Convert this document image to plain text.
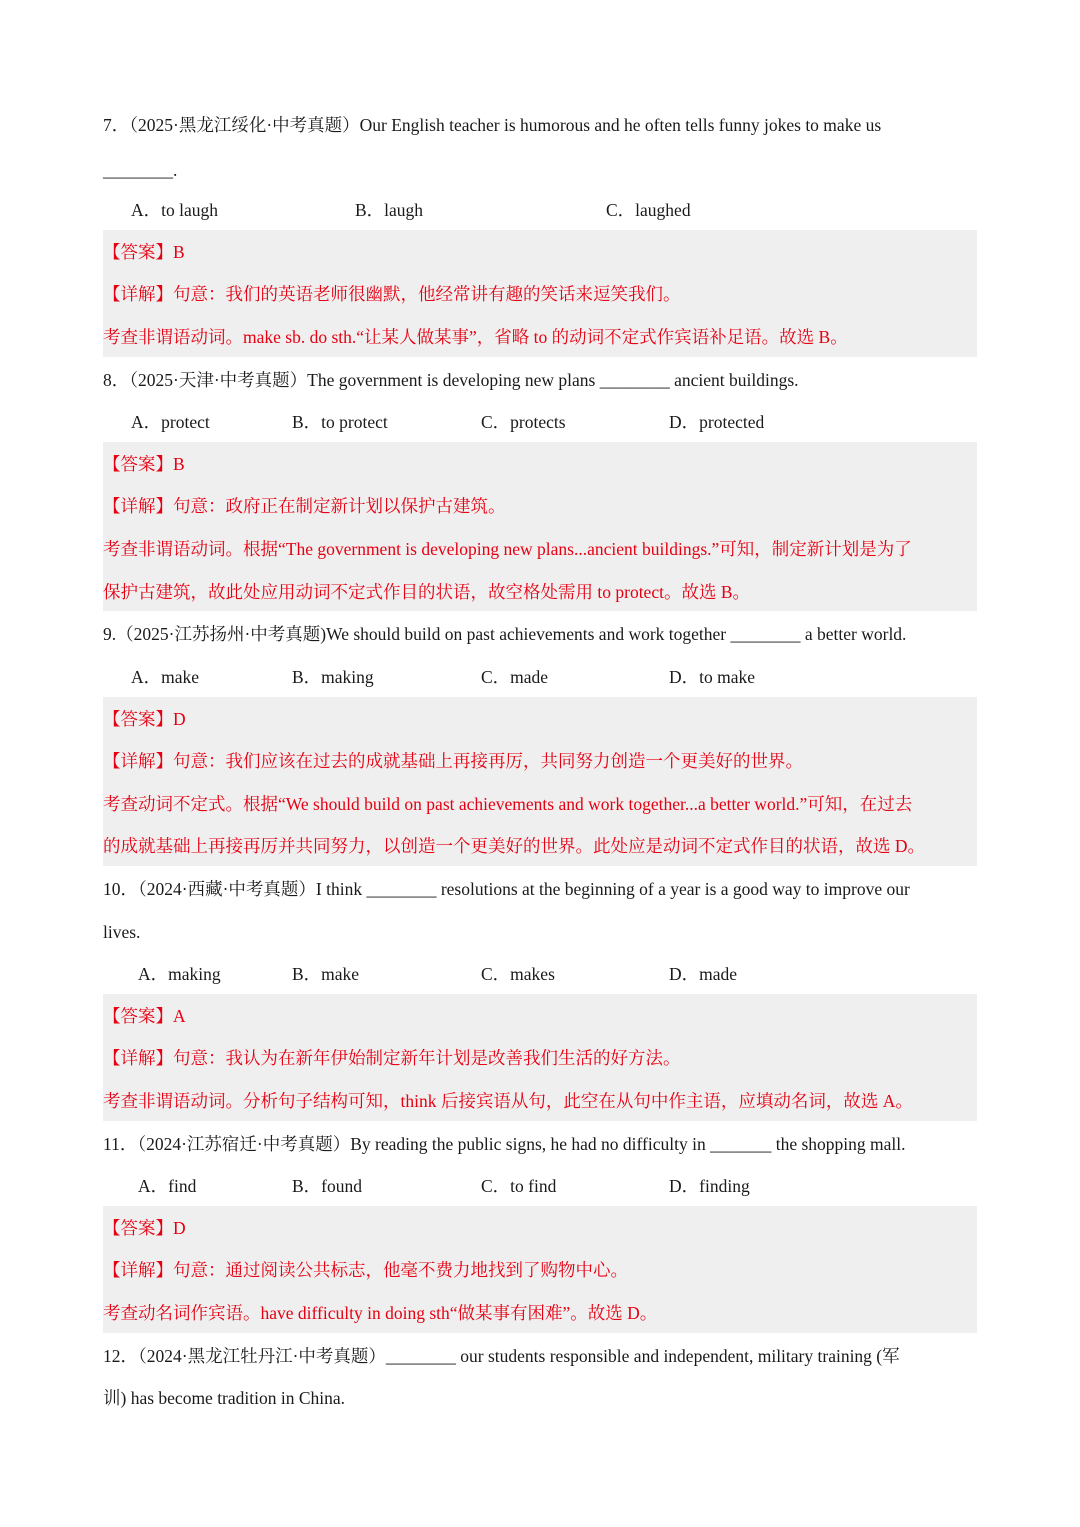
7．（2025·黑龙江绥化·中考真题）Our English teacher is humorous and he often tells funny jokes to make us
________.
A．to laugh	B．laugh	C．laughed
【答案】B
【详解】句意：我们的英语老师很幽默，他经常讲有趣的笑话来逗笑我们。
考查非谓语动词。make sb. do sth.“让某人做某事”，省略 to 的动词不定式作宾语补足语。故选 B。
8．（2025·天津·中考真题）The government is developing new plans ________ ancient buildings.
A．protect	B．to protect	C．protects	D．protected
【答案】B
【详解】句意：政府正在制定新计划以保护古建筑。
考查非谓语动词。根据“The government is developing new plans...ancient buildings.”可知，制定新计划是为了
保护古建筑，故此处应用动词不定式作目的状语，故空格处需用 to protect。故选 B。
9.（2025·江苏扬州·中考真题)We should build on past achievements and work together ________ a better world.
A．make	B．making	C．made	D．to make
【答案】D
【详解】句意：我们应该在过去的成就基础上再接再厉，共同努力创造一个更美好的世界。
考查动词不定式。根据“We should build on past achievements and work together...a better world.”可知，在过去
的成就基础上再接再厉并共同努力，以创造一个更美好的世界。此处应是动词不定式作目的状语，故选 D。
10．（2024·西藏·中考真题）I think ________ resolutions at the beginning of a year is a good way to improve our
lives.
A．making	B．make	C．makes	D．made
【答案】A
【详解】句意：我认为在新年伊始制定新年计划是改善我们生活的好方法。
考查非谓语动词。分析句子结构可知，think 后接宾语从句，此空在从句中作主语，应填动名词，故选 A。
11．（2024·江苏宿迁·中考真题）By reading the public signs, he had no difficulty in _______ the shopping mall.
A．find	B．found	C．to find	D．finding
【答案】D
【详解】句意：通过阅读公共标志，他毫不费力地找到了购物中心。
考查动名词作宾语。have difficulty in doing sth“做某事有困难”。故选 D。
12．（2024·黑龙江牡丹江·中考真题）________ our students responsible and independent, military training (军
训) has become tradition in China.
